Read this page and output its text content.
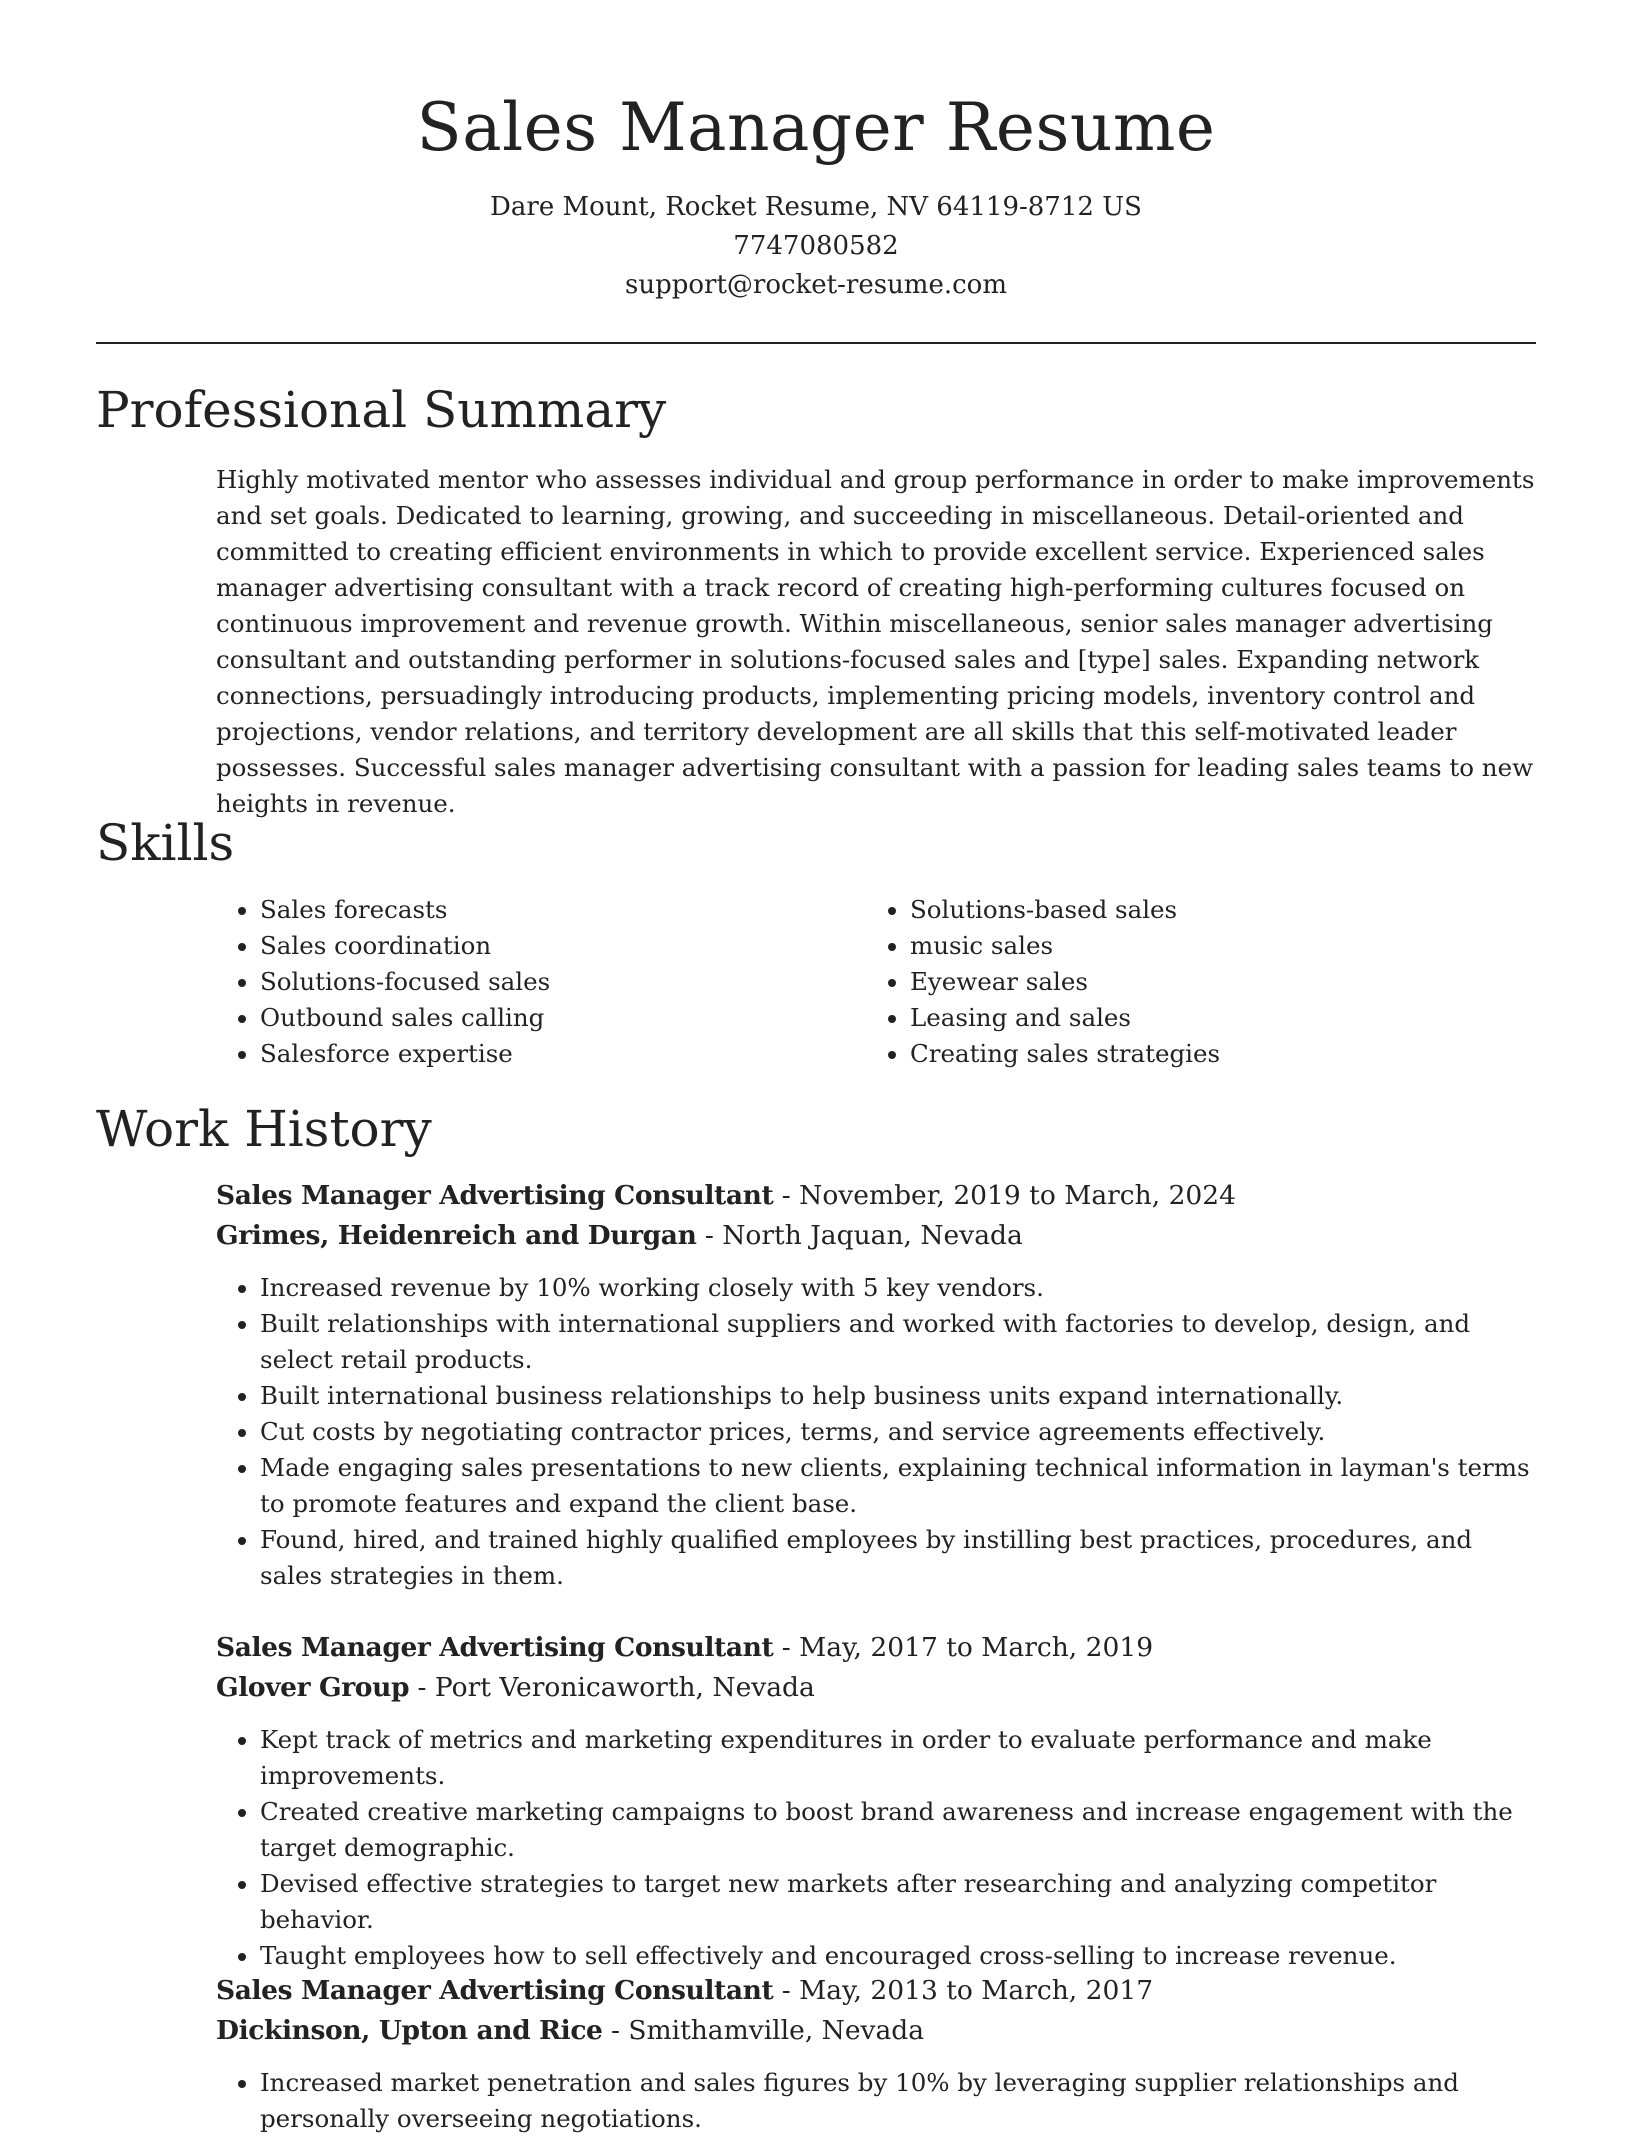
Sales Manager Resume
Dare Mount, Rocket Resume, NV 64119-8712 US
7747080582
support@rocket-resume.com
Professional Summary

Highly motivated mentor who assesses individual and group performance in order to make improvements and set goals. Dedicated to learning, growing, and succeeding in miscellaneous. Detail-oriented and committed to creating efficient environments in which to provide excellent service. Experienced sales manager advertising consultant with a track record of creating high-performing cultures focused on continuous improvement and revenue growth. Within miscellaneous, senior sales manager advertising consultant and outstanding performer in solutions-focused sales and [type] sales. Expanding network connections, persuadingly introducing products, implementing pricing models, inventory control and projections, vendor relations, and territory development are all skills that this self-motivated leader possesses. Successful sales manager advertising consultant with a passion for leading sales teams to new heights in revenue.

Skills
• Sales forecasts
• Sales coordination
• Solutions-focused sales
• Outbound sales calling
• Salesforce expertise
• Solutions-based sales
• music sales
• Eyewear sales
• Leasing and sales
• Creating sales strategies
Work History
Sales Manager Advertising Consultant - November, 2019 to March, 2024
Grimes, Heidenreich and Durgan - North Jaquan, Nevada
• Increased revenue by 10% working closely with 5 key vendors.
• Built relationships with international suppliers and worked with factories to develop, design, and select retail products.
• Built international business relationships to help business units expand internationally.
• Cut costs by negotiating contractor prices, terms, and service agreements effectively.
• Made engaging sales presentations to new clients, explaining technical information in layman's terms to promote features and expand the client base.
• Found, hired, and trained highly qualified employees by instilling best practices, procedures, and sales strategies in them.
Sales Manager Advertising Consultant - May, 2017 to March, 2019
Glover Group - Port Veronicaworth, Nevada
• Kept track of metrics and marketing expenditures in order to evaluate performance and make improvements.
• Created creative marketing campaigns to boost brand awareness and increase engagement with the target demographic.
• Devised effective strategies to target new markets after researching and analyzing competitor behavior.
• Taught employees how to sell effectively and encouraged cross-selling to increase revenue.
Sales Manager Advertising Consultant - May, 2013 to March, 2017
Dickinson, Upton and Rice - Smithamville, Nevada
• Increased market penetration and sales figures by 10% by leveraging supplier relationships and personally overseeing negotiations.
